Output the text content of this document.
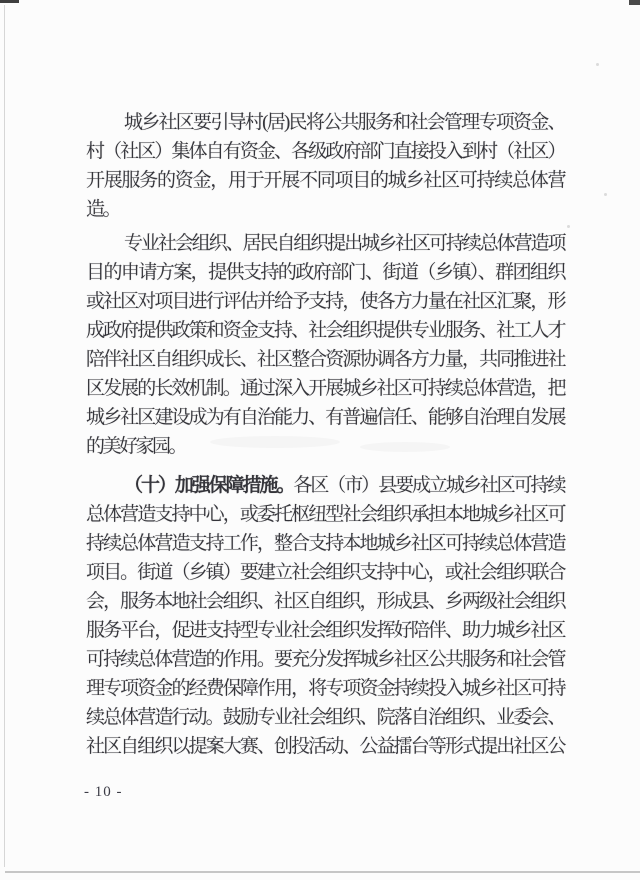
城乡社区要引导村(居)民将公共服务和社会管理专项资金、
村（社区）集体自有资金、各级政府部门直接投入到村（社区）
开展服务的资金，用于开展不同项目的城乡社区可持续总体营
造。
专业社会组织、居民自组织提出城乡社区可持续总体营造项
目的申请方案，提供支持的政府部门、街道（乡镇）、群团组织
或社区对项目进行评估并给予支持，使各方力量在社区汇聚，形
成政府提供政策和资金支持、社会组织提供专业服务、社工人才
陪伴社区自组织成长、社区整合资源协调各方力量，共同推进社
区发展的长效机制。通过深入开展城乡社区可持续总体营造，把
城乡社区建设成为有自治能力、有普遍信任、能够自治理自发展
的美好家园。
（十）加强保障措施。各区（市）县要成立城乡社区可持续
总体营造支持中心，或委托枢纽型社会组织承担本地城乡社区可
持续总体营造支持工作，整合支持本地城乡社区可持续总体营造
项目。街道（乡镇）要建立社会组织支持中心，或社会组织联合
会，服务本地社会组织、社区自组织，形成县、乡两级社会组织
服务平台，促进支持型专业社会组织发挥好陪伴、助力城乡社区
可持续总体营造的作用。要充分发挥城乡社区公共服务和社会管
理专项资金的经费保障作用，将专项资金持续投入城乡社区可持
续总体营造行动。鼓励专业社会组织、院落自治组织、业委会、
社区自组织以提案大赛、创投活动、公益擂台等形式提出社区公
- 10 -
